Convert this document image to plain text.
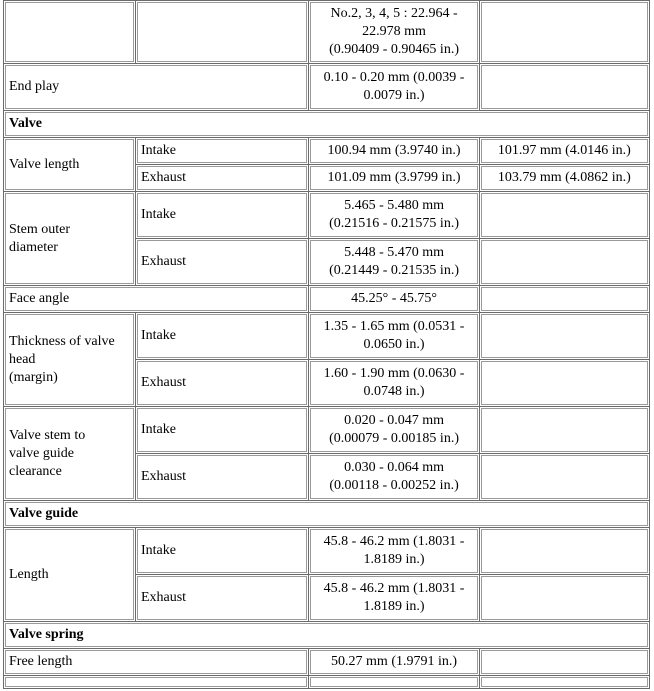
		No.2, 3, 4, 5 : 22.964 -
22.978 mm
(0.90409 - 0.90465 in.)	
End play		0.10 - 0.20 mm (0.0039 -
0.0079 in.)	
Valve			
Valve length	Intake	100.94 mm (3.9740 in.)	101.97 mm (4.0146 in.)
	Exhaust	101.09 mm (3.9799 in.)	103.79 mm (4.0862 in.)
Stem outer
diameter	Intake	5.465 - 5.480 mm
(0.21516 - 0.21575 in.)	
	Exhaust	5.448 - 5.470 mm
(0.21449 - 0.21535 in.)	
Face angle		45.25° - 45.75°	
Thickness of valve
head
(margin)	Intake	1.35 - 1.65 mm (0.0531 -
0.0650 in.)	
	Exhaust	1.60 - 1.90 mm (0.0630 -
0.0748 in.)	
Valve stem to
valve guide
clearance	Intake	0.020 - 0.047 mm
(0.00079 - 0.00185 in.)	
	Exhaust	0.030 - 0.064 mm
(0.00118 - 0.00252 in.)	
Valve guide			
Length	Intake	45.8 - 46.2 mm (1.8031 -
1.8189 in.)	
	Exhaust	45.8 - 46.2 mm (1.8031 -
1.8189 in.)	
Valve spring			
Free length		50.27 mm (1.9791 in.)	
